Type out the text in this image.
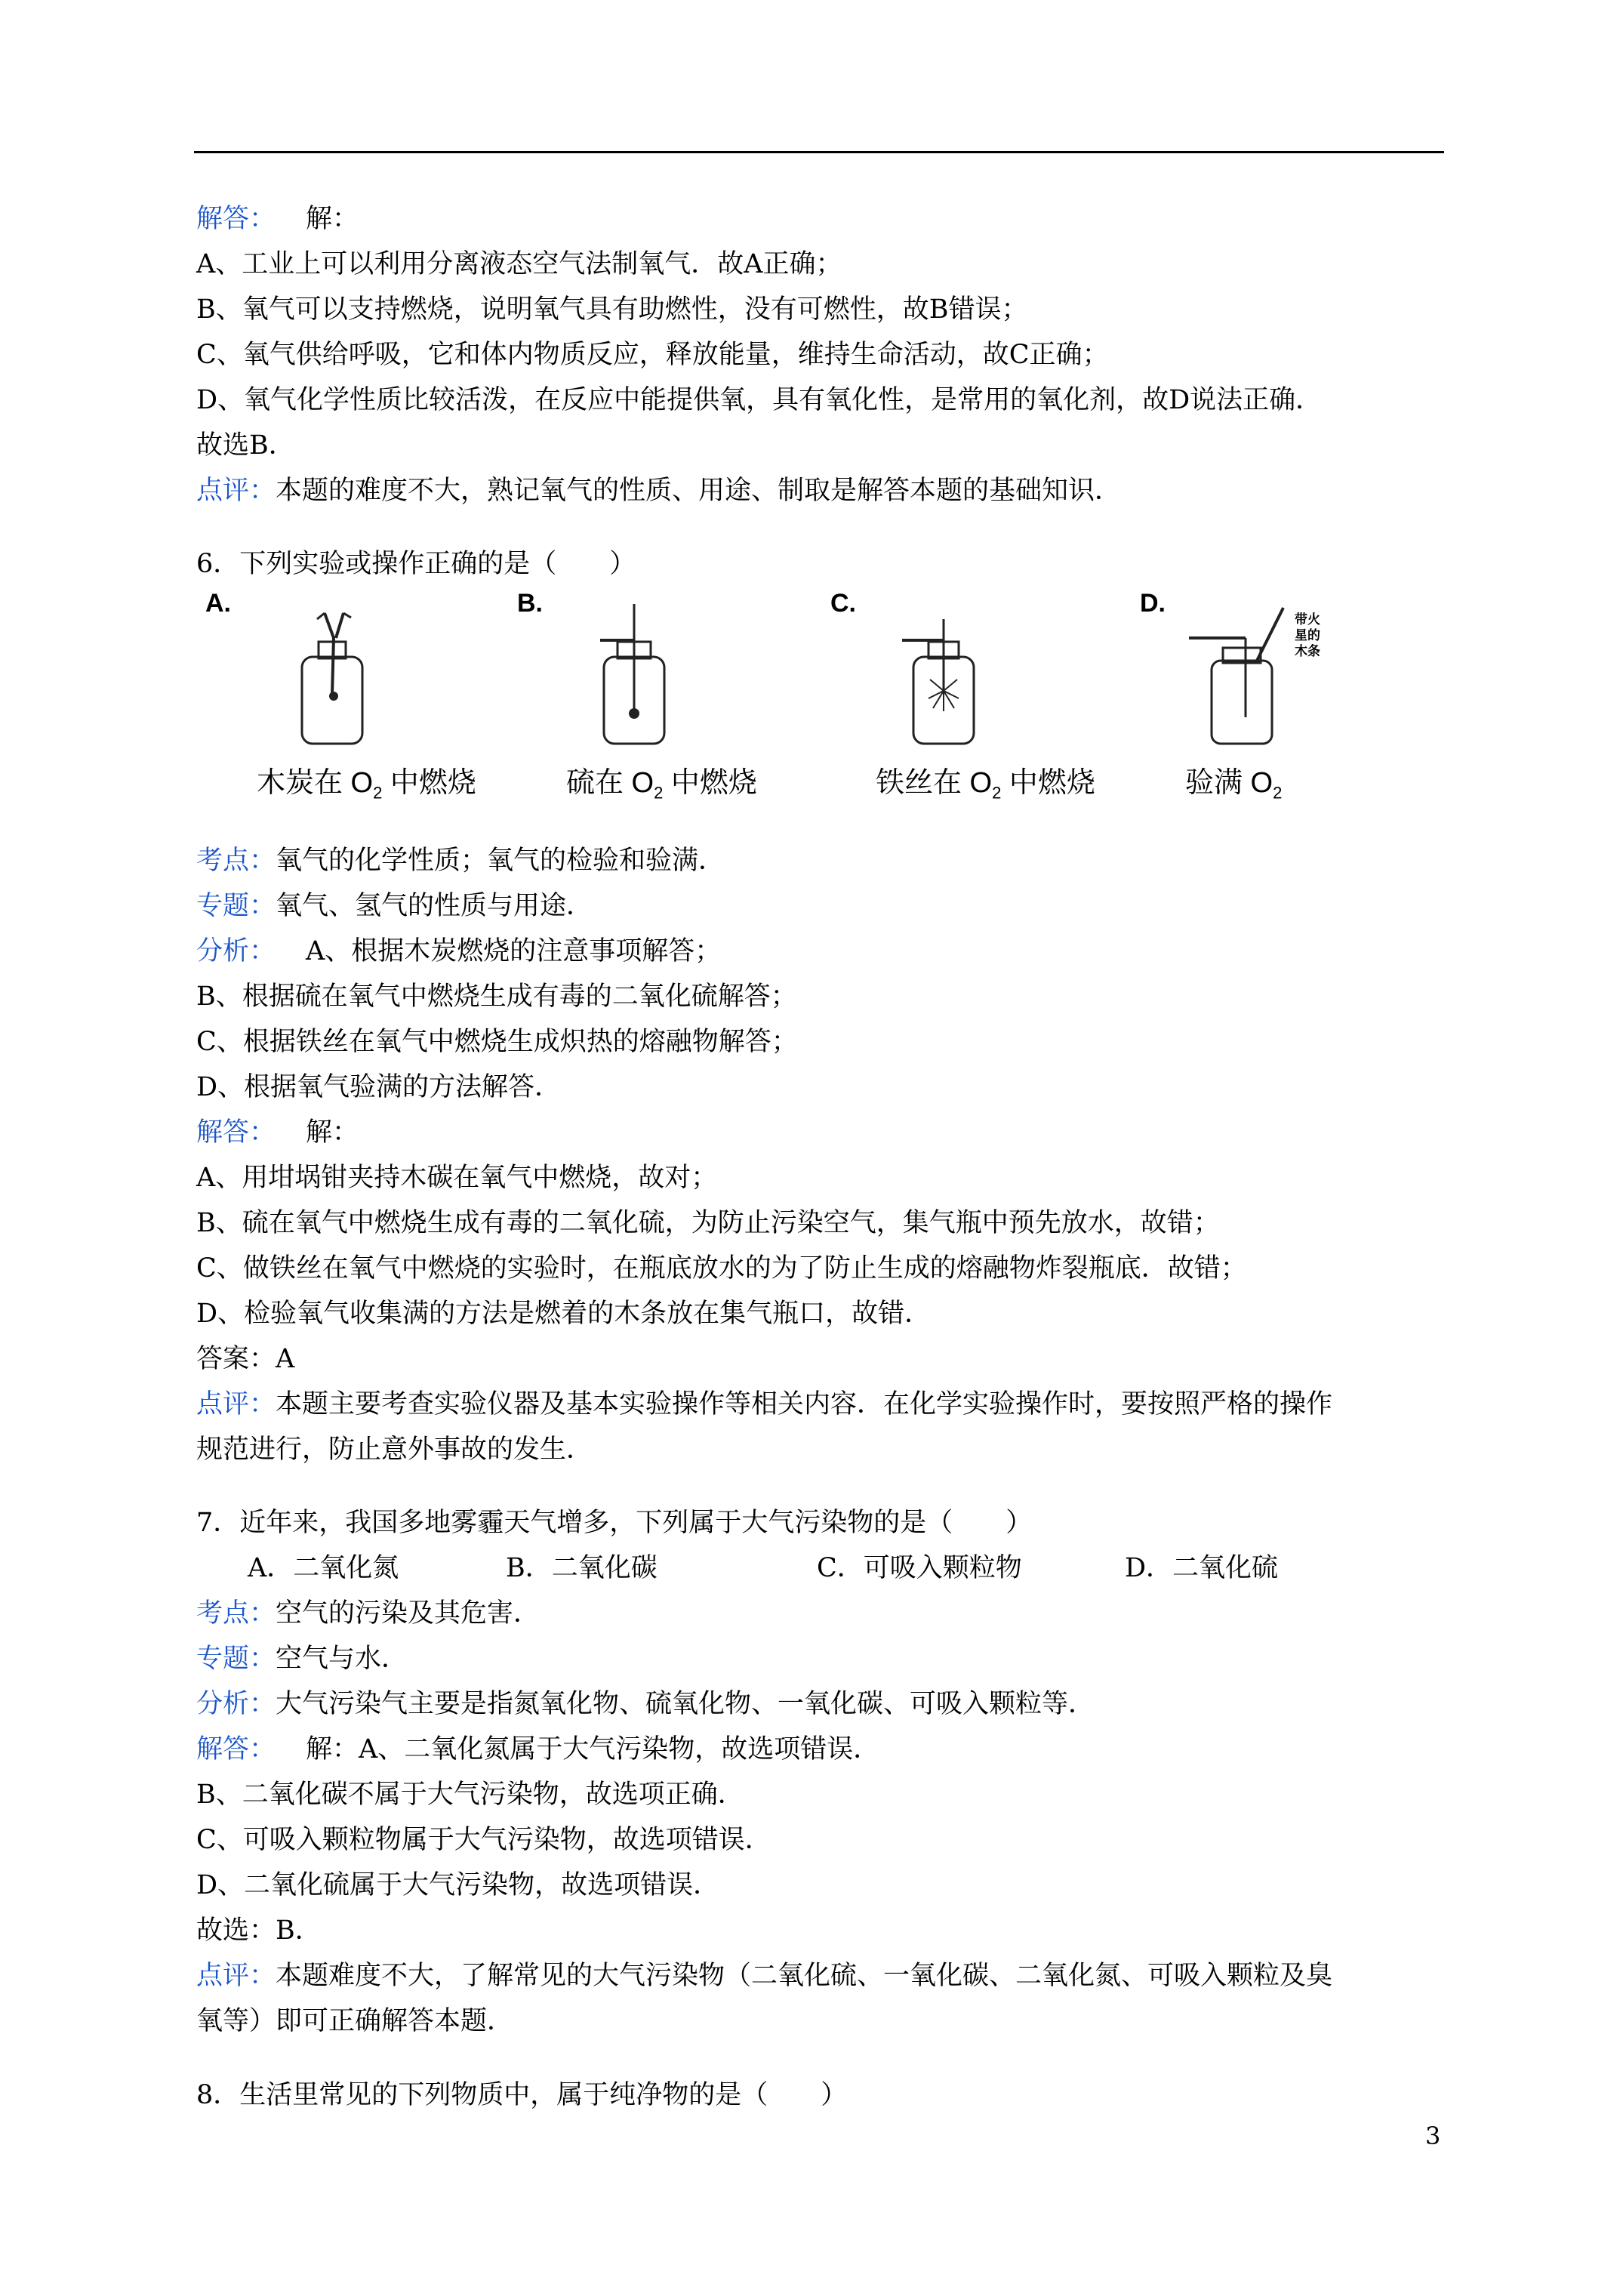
解答： 解：
A、工业上可以利用分离液态空气法制氧气．故A正确；
B、氧气可以支持燃烧，说明氧气具有助燃性，没有可燃性，故B错误；
C、氧气供给呼吸，它和体内物质反应，释放能量，维持生命活动，故C正确；
D、氧气化学性质比较活泼，在反应中能提供氧，具有氧化性，是常用的氧化剂，故D说法正确．
故选B．
点评：本题的难度不大，熟记氧气的性质、用途、制取是解答本题的基础知识．
6．下列实验或操作正确的是（　　）
A.
木炭在 $O_2$ 中燃烧
B.
硫在 $O_2$ 中燃烧
C.
铁丝在 $O_2$ 中燃烧
D.
带火
星的
木条
验满 $O_2$
考点：氧气的化学性质；氧气的检验和验满．
专题：氧气、氢气的性质与用途．
分析： A、根据木炭燃烧的注意事项解答；
B、根据硫在氧气中燃烧生成有毒的二氧化硫解答；
C、根据铁丝在氧气中燃烧生成炽热的熔融物解答；
D、根据氧气验满的方法解答．
解答： 解：
A、用坩埚钳夹持木碳在氧气中燃烧，故对；
B、硫在氧气中燃烧生成有毒的二氧化硫，为防止污染空气，集气瓶中预先放水，故错；
C、做铁丝在氧气中燃烧的实验时，在瓶底放水的为了防止生成的熔融物炸裂瓶底．故错；
D、检验氧气收集满的方法是燃着的木条放在集气瓶口，故错．
答案：A
点评：本题主要考查实验仪器及基本实验操作等相关内容．在化学实验操作时，要按照严格的操作
规范进行，防止意外事故的发生．
7．近年来，我国多地雾霾天气增多，下列属于大气污染物的是（　　）
A．二氧化氮	B．二氧化碳	C．可吸入颗粒物	D．二氧化硫
考点：空气的污染及其危害．
专题：空气与水．
分析：大气污染气主要是指氮氧化物、硫氧化物、一氧化碳、可吸入颗粒等．
解答： 解：A、二氧化氮属于大气污染物，故选项错误．
B、二氧化碳不属于大气污染物，故选项正确．
C、可吸入颗粒物属于大气污染物，故选项错误．
D、二氧化硫属于大气污染物，故选项错误．
故选：B．
点评：本题难度不大，了解常见的大气污染物（二氧化硫、一氧化碳、二氧化氮、可吸入颗粒及臭
氧等）即可正确解答本题．
8．生活里常见的下列物质中，属于纯净物的是（　　）
3
